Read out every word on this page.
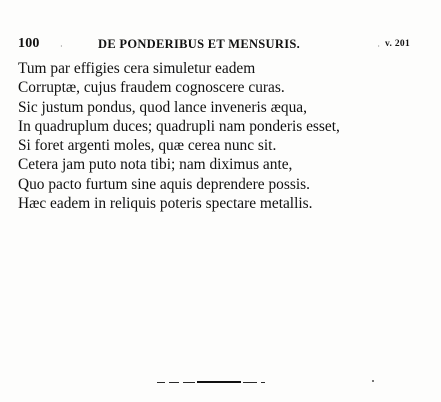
100	·	DE PONDERIBUS ET MENSURIS.	· v. 201
Tum par effigies cera simuletur eadem
Corruptæ, cujus fraudem cognoscere curas.
Sic justum pondus, quod lance inveneris æqua,
In quadruplum duces; quadrupli nam ponderis esset,
Si foret argenti moles, quæ cerea nunc sit.
Cetera jam puto nota tibi; nam diximus ante,
Quo pacto furtum sine aquis deprendere possis.
Hæc eadem in reliquis poteris spectare metallis.
